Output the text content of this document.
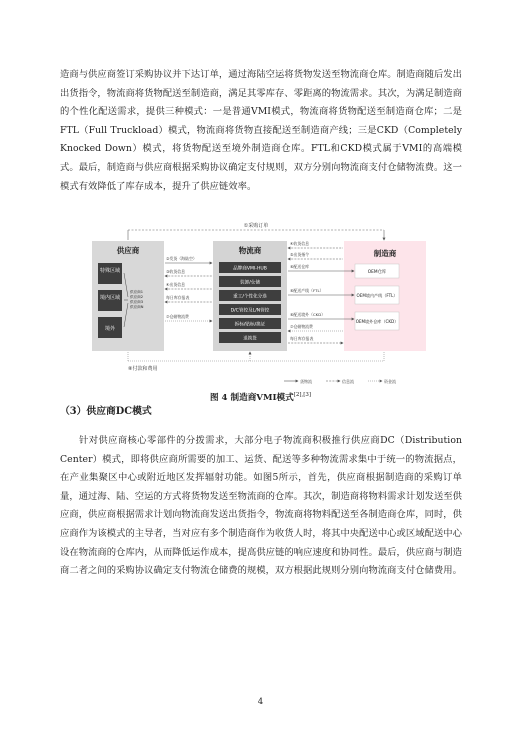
造商与供应商签订采购协议并下达订单，通过海陆空运将货物发送至物流商仓库。制造商随后发出出货指令，物流商将货物配送至制造商，满足其零库存、零距离的物流需求。其次，为满足制造商的个性化配送需求，提供三种模式：一是普通VMI模式，物流商将货物配送至制造商仓库；二是FTL（Full Truckload）模式，物流商将货物直接配送至制造商产线；三是CKD（Completely Knocked Down）模式，将货物配送至境外制造商仓库。FTL和CKD模式属于VMI的高端模式。最后，制造商与供应商根据采购协议确定支付规则，双方分别向物流商支付仓储物流费。这一模式有效降低了库存成本，提升了供应链效率。

①采购订单
供应商
特殊区域
境内区域
境外
供应商1
供应商2
供应商3
供应商N
物流商
品牌商VMI-HUB
装卸/仓储
重工/个性化分选
D/C管控及L/N管控
拆标/贴标/换证
退换货
制造商
OEM仓库
OEM境内产线（FTL）
OEM境外仓库（CKD）
②发货（海陆空）
③收货信息
④出货信息
每日库存报表
⑦仓储物流费
④收货信息
⑤出货指令
⑥配送仓库
⑥配送产线（FTL）
⑥配送境外（CKD）
⑦仓储物流费
每日库存报表
⑧付款和费用
货物流	信息流	资金流

图 4 制造商VMI模式[2],[3]

（3）供应商DC模式

针对供应商核心零部件的分拨需求，大部分电子物流商积极推行供应商DC（Distribution Center）模式，即将供应商所需要的加工、运货、配送等多种物流需求集中于统一的物流据点，在产业集聚区中心或附近地区发挥辐射功能。如图5所示，首先，供应商根据制造商的采购订单量，通过海、陆、空运的方式将货物发送至物流商的仓库。其次，制造商将物料需求计划发送至供应商，供应商根据需求计划向物流商发送出货指令，物流商将物料配送至各制造商仓库，同时，供应商作为该模式的主导者，当对应有多个制造商作为收货人时，将其中央配送中心或区域配送中心设在物流商的仓库内，从而降低运作成本，提高供应链的响应速度和协同性。最后，供应商与制造商二者之间的采购协议确定支付物流仓储费的规模，双方根据此规则分别向物流商支付仓储费用。

4
